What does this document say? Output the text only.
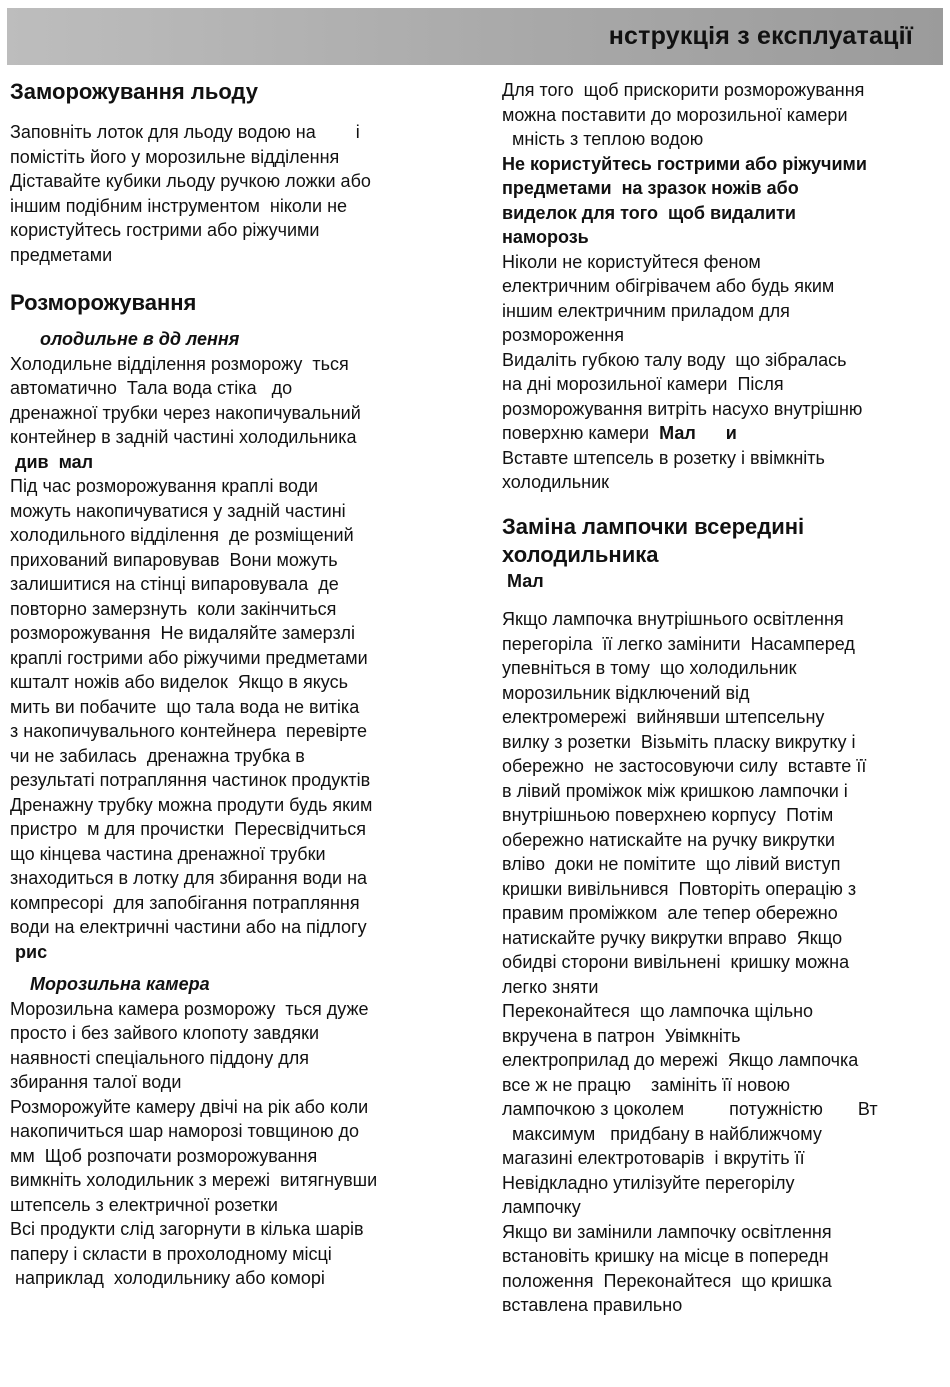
нструкція з експлуатації
Заморожування льоду
Заповніть лоток для льоду водою на        і
помістіть його у морозильне відділення
Діставайте кубики льоду ручкою ложки або
іншим подібним інструментом  ніколи не
користуйтесь гострими або ріжучими
предметами
Розморожування
олодильне в дд лення
Холодильне відділення розморожу  ться
автоматично  Тала вода стіка   до
дренажної трубки через накопичувальний
контейнер в задній частині холодильника
див  мал
Під час розморожування краплі води
можуть накопичуватися у задній частині
холодильного відділення  де розміщений
прихований випаровував  Вони можуть
залишитися на стінці випаровувала  де
повторно замерзнуть  коли закінчиться
розморожування  Не видаляйте замерзлі
краплі гострими або ріжучими предметами
кшталт ножів або виделок  Якщо в якусь
мить ви побачите  що тала вода не витіка
з накопичувального контейнера  перевірте
чи не забилась  дренажна трубка в
результаті потрапляння частинок продуктів
Дренажну трубку можна продути будь яким
пристро  м для прочистки  Пересвідчиться
що кінцева частина дренажної трубки
знаходиться в лотку для збирання води на
компресорі  для запобігання потрапляння
води на електричні частини або на підлогу
рис
Морозильна камера
Морозильна камера розморожу  ться дуже
просто і без зайвого клопоту завдяки
наявності спеціального піддону для
збирання талої води
Розморожуйте камеру двічі на рік або коли
накопичиться шар наморозі товщиною до
мм  Щоб розпочати розморожування
вимкніть холодильник з мережі  витягнувши
штепсель з електричної розетки
Всі продукти слід загорнути в кілька шарів
паперу і скласти в прохолодному місці
наприклад  холодильнику або коморі
Для того  щоб прискорити розморожування
можна поставити до морозильної камери
мність з теплою водою
Не користуйтесь гострими або ріжучими
предметами  на зразок ножів або
виделок для того  щоб видалити
наморозь
Ніколи не користуйтеся феном
електричним обігрівачем або будь яким
іншим електричним приладом для
розмороження
Видаліть губкою талу воду  що зібралась
на дні морозильної камери  Після
розморожування витріть насухо внутрішню
поверхню камери  Мал      и
Вставте штепсель в розетку і ввімкніть
холодильник
Заміна лампочки всередині
холодильника
Мал
Якщо лампочка внутрішнього освітлення
перегоріла  її легко замінити  Насамперед
упевніться в тому  що холодильник
морозильник відключений від
електромережі  вийнявши штепсельну
вилку з розетки  Візьміть пласку викрутку і
обережно  не застосовуючи силу  вставте її
в лівий проміжок між кришкою лампочки і
внутрішньою поверхнею корпусу  Потім
обережно натискайте на ручку викрутки
вліво  доки не помітите  що лівий виступ
кришки вивільнився  Повторіть операцію з
правим проміжком  але тепер обережно
натискайте ручку викрутки вправо  Якщо
обидві сторони вивільнені  кришку можна
легко зняти
Переконайтеся  що лампочка щільно
вкручена в патрон  Увімкніть
електроприлад до мережі  Якщо лампочка
все ж не працю    замініть її новою
лампочкою з цоколем         потужністю       Вт
максимум   придбану в найближчому
магазині електротоварів  і вкрутіть її
Невідкладно утилізуйте перегорілу
лампочку
Якщо ви замінили лампочку освітлення
встановіть кришку на місце в попередн
положення  Переконайтеся  що кришка
вставлена правильно
